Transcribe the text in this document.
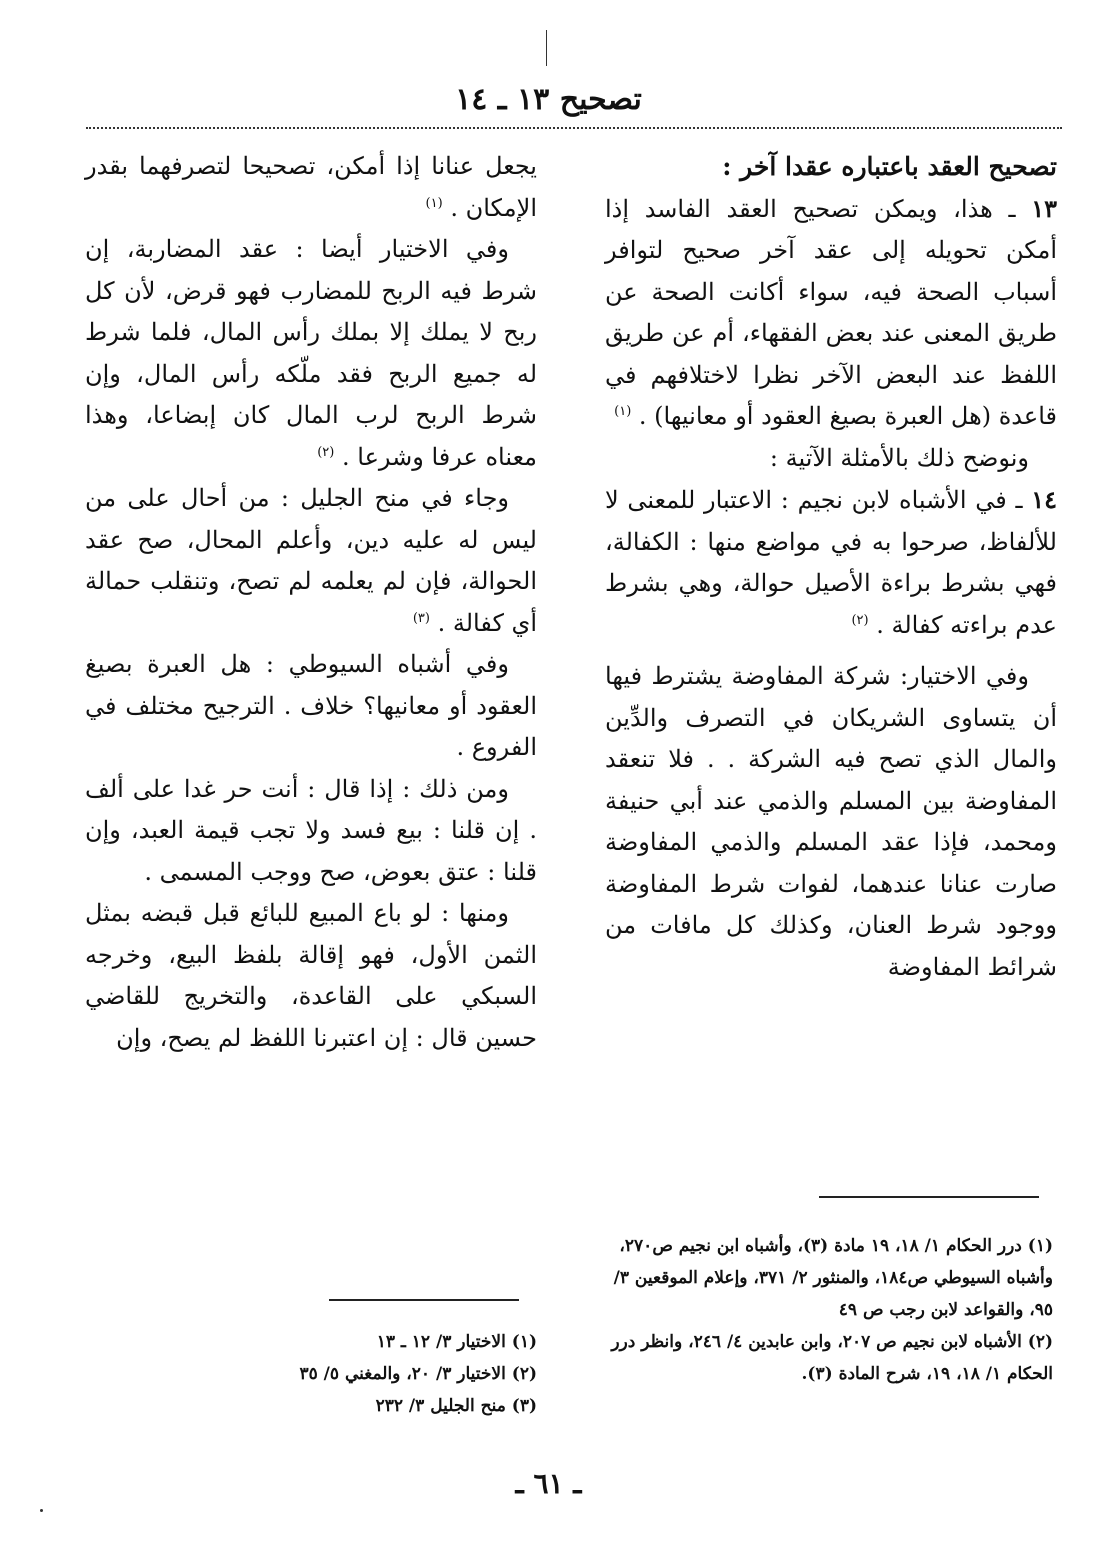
تصحيح ١٣ ـ ١٤

تصحيح العقد باعتباره عقدا آخر :

١٣ ـ هذا، ويمكن تصحيح العقد الفاسد إذا أمكن تحويله إلى عقد آخر صحيح لتوافر أسباب الصحة فيه، سواء أكانت الصحة عن طريق المعنى عند بعض الفقهاء، أم عن طريق اللفظ عند البعض الآخر نظرا لاختلافهم في قاعدة (هل العبرة بصيغ العقود أو معانيها) . $^{(١)}$

ونوضح ذلك بالأمثلة الآتية :

١٤ ـ في الأشباه لابن نجيم : الاعتبار للمعنى لا للألفاظ، صرحوا به في مواضع منها : الكفالة، فهي بشرط براءة الأصيل حوالة، وهي بشرط عدم براءته كفالة . $^{(٢)}$

وفي الاختيار: شركة المفاوضة يشترط فيها أن يتساوى الشريكان في التصرف والدِّين والمال الذي تصح فيه الشركة . . فلا تنعقد المفاوضة بين المسلم والذمي عند أبي حنيفة ومحمد، فإذا عقد المسلم والذمي المفاوضة صارت عنانا عندهما، لفوات شرط المفاوضة ووجود شرط العنان، وكذلك كل مافات من شرائط المفاوضة

يجعل عنانا إذا أمكن، تصحيحا لتصرفهما بقدر الإمكان . $^{(١)}$

وفي الاختيار أيضا : عقد المضاربة، إن شرط فيه الربح للمضارب فهو قرض، لأن كل ربح لا يملك إلا بملك رأس المال، فلما شرط له جميع الربح فقد ملّكه رأس المال، وإن شرط الربح لرب المال كان إبضاعا، وهذا معناه عرفا وشرعا . $^{(٢)}$

وجاء في منح الجليل : من أحال على من ليس له عليه دين، وأعلم المحال، صح عقد الحوالة، فإن لم يعلمه لم تصح، وتنقلب حمالة أي كفالة . $^{(٣)}$

وفي أشباه السيوطي : هل العبرة بصيغ العقود أو معانيها؟ خلاف . الترجيح مختلف في الفروع .

ومن ذلك : إذا قال : أنت حر غدا على ألف . إن قلنا : بيع فسد ولا تجب قيمة العبد، وإن قلنا : عتق بعوض، صح ووجب المسمى .

ومنها : لو باع المبيع للبائع قبل قبضه بمثل الثمن الأول، فهو إقالة بلفظ البيع، وخرجه السبكي على القاعدة، والتخريج للقاضي حسين قال : إن اعتبرنا اللفظ لم يصح، وإن

(١) درر الحكام ١/ ١٨، ١٩ مادة (٣)، وأشباه ابن نجيم ص٢٧٠، وأشباه السيوطي ص١٨٤، والمنثور ٢/ ٣٧١، وإعلام الموقعين ٣/ ٩٥، والقواعد لابن رجب ص ٤٩
(٢) الأشباه لابن نجيم ص ٢٠٧، وابن عابدين ٤/ ٢٤٦، وانظر درر الحكام ١/ ١٨، ١٩، شرح المادة (٣).
(١) الاختيار ٣/ ١٢ ـ ١٣
(٢) الاختيار ٣/ ٢٠، والمغني ٥/ ٣٥
(٣) منح الجليل ٣/ ٢٣٢
ـ ٦١ ـ
